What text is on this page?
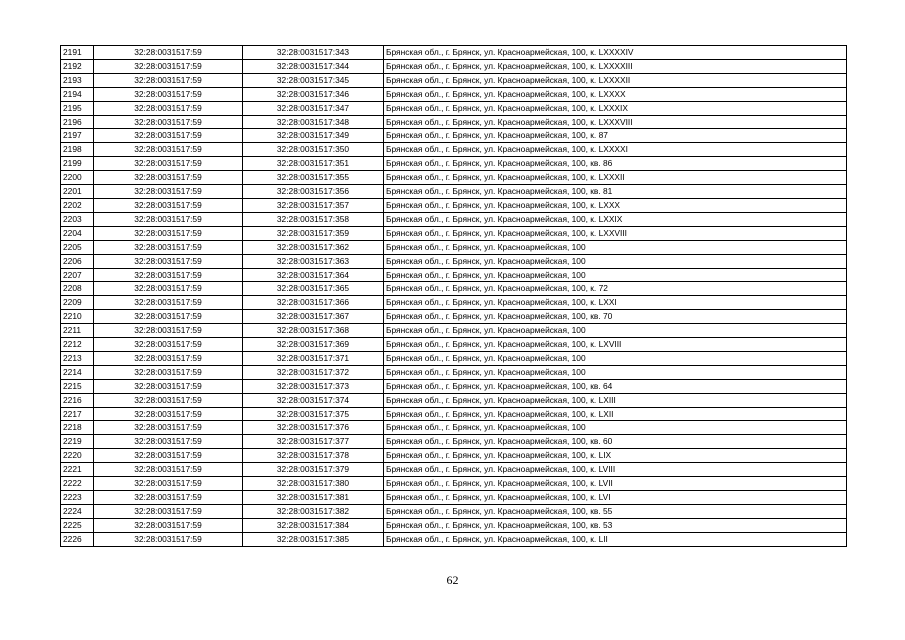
2191	32:28:0031517:59	32:28:0031517:343	Брянская обл., г. Брянск, ул. Красноармейская, 100, к. LXXXXIV
2192	32:28:0031517:59	32:28:0031517:344	Брянская обл., г. Брянск, ул. Красноармейская, 100, к. LXXXXIII
2193	32:28:0031517:59	32:28:0031517:345	Брянская обл., г. Брянск, ул. Красноармейская, 100, к. LXXXXII
2194	32:28:0031517:59	32:28:0031517:346	Брянская обл., г. Брянск, ул. Красноармейская, 100, к. LXXXX
2195	32:28:0031517:59	32:28:0031517:347	Брянская обл., г. Брянск, ул. Красноармейская, 100, к. LXXXIX
2196	32:28:0031517:59	32:28:0031517:348	Брянская обл., г. Брянск, ул. Красноармейская, 100, к. LXXXVIII
2197	32:28:0031517:59	32:28:0031517:349	Брянская обл., г. Брянск, ул. Красноармейская, 100, к. 87
2198	32:28:0031517:59	32:28:0031517:350	Брянская обл., г. Брянск, ул. Красноармейская, 100, к. LXXXXI
2199	32:28:0031517:59	32:28:0031517:351	Брянская обл., г. Брянск, ул. Красноармейская, 100, кв. 86
2200	32:28:0031517:59	32:28:0031517:355	Брянская обл., г. Брянск, ул. Красноармейская, 100, к. LXXXII
2201	32:28:0031517:59	32:28:0031517:356	Брянская обл., г. Брянск, ул. Красноармейская, 100, кв. 81
2202	32:28:0031517:59	32:28:0031517:357	Брянская обл., г. Брянск, ул. Красноармейская, 100, к. LXXX
2203	32:28:0031517:59	32:28:0031517:358	Брянская обл., г. Брянск, ул. Красноармейская, 100, к. LXXIX
2204	32:28:0031517:59	32:28:0031517:359	Брянская обл., г. Брянск, ул. Красноармейская, 100, к. LXXVIII
2205	32:28:0031517:59	32:28:0031517:362	Брянская обл., г. Брянск, ул. Красноармейская, 100
2206	32:28:0031517:59	32:28:0031517:363	Брянская обл., г. Брянск, ул. Красноармейская, 100
2207	32:28:0031517:59	32:28:0031517:364	Брянская обл., г. Брянск, ул. Красноармейская, 100
2208	32:28:0031517:59	32:28:0031517:365	Брянская обл., г. Брянск, ул. Красноармейская, 100, к. 72
2209	32:28:0031517:59	32:28:0031517:366	Брянская обл., г. Брянск, ул. Красноармейская, 100, к. LXXI
2210	32:28:0031517:59	32:28:0031517:367	Брянская обл., г. Брянск, ул. Красноармейская, 100, кв. 70
2211	32:28:0031517:59	32:28:0031517:368	Брянская обл., г. Брянск, ул. Красноармейская, 100
2212	32:28:0031517:59	32:28:0031517:369	Брянская обл., г. Брянск, ул. Красноармейская, 100, к. LXVIII
2213	32:28:0031517:59	32:28:0031517:371	Брянская обл., г. Брянск, ул. Красноармейская, 100
2214	32:28:0031517:59	32:28:0031517:372	Брянская обл., г. Брянск, ул. Красноармейская, 100
2215	32:28:0031517:59	32:28:0031517:373	Брянская обл., г. Брянск, ул. Красноармейская, 100, кв. 64
2216	32:28:0031517:59	32:28:0031517:374	Брянская обл., г. Брянск, ул. Красноармейская, 100, к. LXIII
2217	32:28:0031517:59	32:28:0031517:375	Брянская обл., г. Брянск, ул. Красноармейская, 100, к. LXII
2218	32:28:0031517:59	32:28:0031517:376	Брянская обл., г. Брянск, ул. Красноармейская, 100
2219	32:28:0031517:59	32:28:0031517:377	Брянская обл., г. Брянск, ул. Красноармейская, 100, кв. 60
2220	32:28:0031517:59	32:28:0031517:378	Брянская обл., г. Брянск, ул. Красноармейская, 100, к. LIX
2221	32:28:0031517:59	32:28:0031517:379	Брянская обл., г. Брянск, ул. Красноармейская, 100, к. LVIII
2222	32:28:0031517:59	32:28:0031517:380	Брянская обл., г. Брянск, ул. Красноармейская, 100, к. LVII
2223	32:28:0031517:59	32:28:0031517:381	Брянская обл., г. Брянск, ул. Красноармейская, 100, к. LVI
2224	32:28:0031517:59	32:28:0031517:382	Брянская обл., г. Брянск, ул. Красноармейская, 100, кв. 55
2225	32:28:0031517:59	32:28:0031517:384	Брянская обл., г. Брянск, ул. Красноармейская, 100, кв. 53
2226	32:28:0031517:59	32:28:0031517:385	Брянская обл., г. Брянск, ул. Красноармейская, 100, к. LII
62
